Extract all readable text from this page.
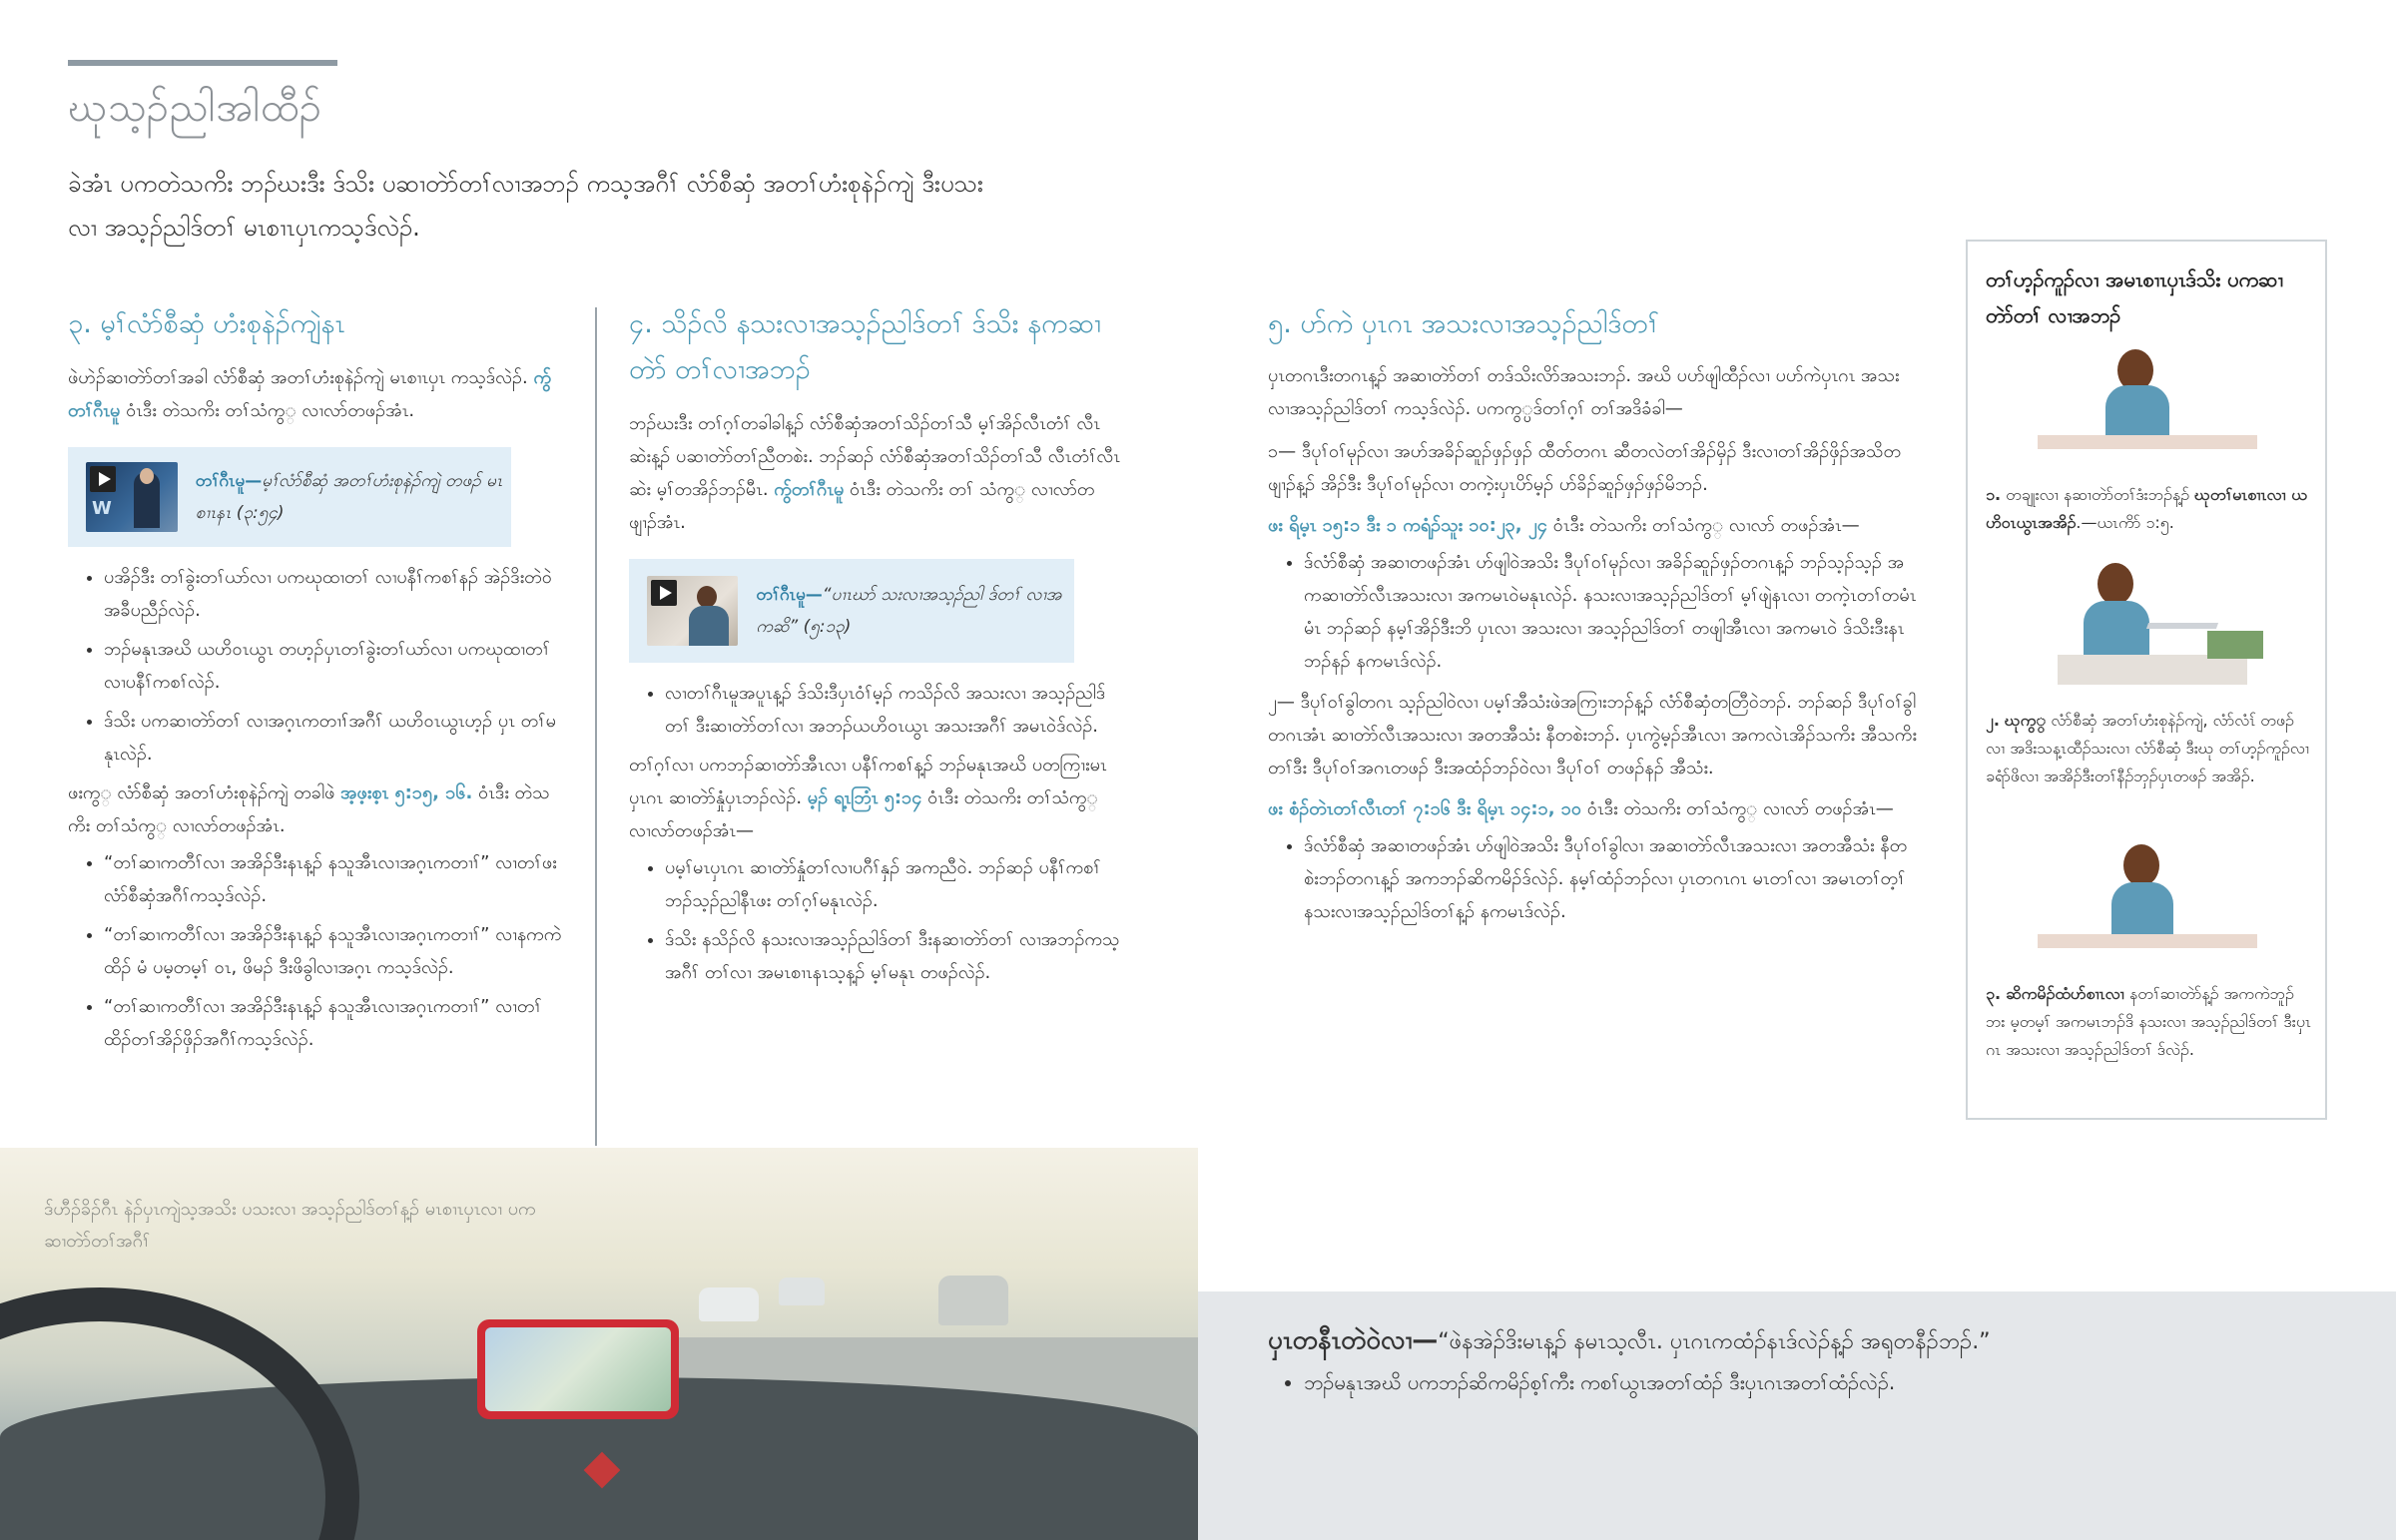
ဃုသ့ၣ်ညါအါထီၣ်
ခဲအံၤ ပကတဲသကိး ဘၣ်ဃးဒီး ဒ်သိး ပဆၢတဲာ်တၢ်လၢအဘၣ် ကသ့အဂီၢ် လံာ်စီဆှံ အတၢ်ဟံးစုနဲၣ်ကျဲ ဒီးပသးလၢ အသ့ၣ်ညါဒ်တၢ် မၤစၢၤပှၤကသ့ဒ်လဲၣ်.
၃. မ့ၢ်လံာ်စီဆှံ ဟံးစုနဲၣ်ကျဲနၤ
ဖဲဟဲၣ်ဆၢတဲာ်တၢ်အခါ လံာ်စီဆှံ အတၢ်ဟံးစုနဲၣ်ကျဲ မၤစၢၤပှၤ ကသ့ဒ်လဲၣ်. ကွ်တၢ်ဂီၤမူ ဝံၤဒီး တဲသကိး တၢ်သံကွ္ လၢလာ်တဖၣ်အံၤ.
W
တၢ်ဂီၤမူ—မ့ၢ်လံာ်စီဆှံ အတၢ်ဟံးစုနဲၣ်ကျဲ တဖၣ် မၤစၢၤနၤ (၃:၅၄)
• ပအိၣ်ဒီး တၢ်ခွဲးတၢ်ယာ်လၢ ပကဃုထၢတၢ် လၢပနီၢ်ကစၢ်နၣ် အဲၣ်ဒိးတဲဝဲ အခီပညီၣ်လဲၣ်.
• ဘၣ်မနုၤအဃိ ယဟိဝၤယွၤ တဟ့ၣ်ပှၤတၢ်ခွဲးတၢ်ယာ်လၢ ပကဃုထၢတၢ် လၢပနီၢ်ကစၢ်လဲၣ်.
• ဒ်သိး ပကဆၢတဲာ်တၢ် လၢအဂ့ၤကတၢၢ်အဂီၢ် ယဟိဝၤယွၤဟ့ၣ် ပှၤ တၢ်မနုၤလဲၣ်.
ဖးကွ္ လံာ်စီဆှံ အတၢ်ဟံးစုနဲၣ်ကျဲ တခါဖဲ အ့ဖ့းစ့ၤ ၅:၁၅, ၁၆. ဝံၤဒီး တဲသကိး တၢ်သံကွ္ လၢလာ်တဖၣ်အံၤ.
• “တၢ်ဆၢကတီၢ်လၢ အအိၣ်ဒီးနၤန့ၣ် နသူအီၤလၢအဂ့ၤကတၢၢ်” လၢတၢ်ဖးလံာ်စီဆှံအဂီၢ်ကသ့ဒ်လဲၣ်.
• “တၢ်ဆၢကတီၢ်လၢ အအိၣ်ဒီးနၤန့ၣ် နသူအီၤလၢအဂ့ၤကတၢၢ်” လၢနကကဲထိၣ် မံ ပမ့တမ့ၢ် ဝၤ, ဖိမၣ် ဒီးဖိခွါလၢအဂ့ၤ ကသ့ဒ်လဲၣ်.
• “တၢ်ဆၢကတီၢ်လၢ အအိၣ်ဒီးနၤန့ၣ် နသူအီၤလၢအဂ့ၤကတၢၢ်” လၢတၢ်ထိၣ်တၢ်အိၣ်ဖှိၣ်အဂီၢ်ကသ့ဒ်လဲၣ်.
၄. သိၣ်လိ နသးလၢအသ့ၣ်ညါဒ်တၢ် ဒ်သိး နကဆၢတဲာ် တၢ်လၢအဘၣ်
ဘၣ်ဃးဒီး တၢ်ဂ့ၢ်တခါခါန့ၣ် လံာ်စီဆှံအတၢ်သိၣ်တၢ်သီ မ့ၢ်အိၣ်လီၤတံၢ် လီၤဆဲးန့ၣ် ပဆၢတဲာ်တၢ်ညီတစဲး. ဘၣ်ဆၣ် လံာ်စီဆှံအတၢ်သိၣ်တၢ်သီ လီၤတံၢ်လီၤဆဲး မ့ၢ်တအိၣ်ဘၣ်မီၤ. ကွ်တၢ်ဂီၤမူ ဝံၤဒီး တဲသကိး တၢ် သံကွ္ လၢလာ်တဖျၢၣ်အံၤ.
တၢ်ဂီၤမူ—“ပၢၤဃာ် သးလၢအသ့ၣ်ညါ ဒ်တၢ် လၢအကဆိ” (၅:၁၃)
• လၢတၢ်ဂီၤမူအပူၤန့ၣ် ဒ်သိးဒီပှၤဝံၢ်မ့ၣ် ကသိၣ်လိ အသးလၢ အသ့ၣ်ညါဒ်တၢ် ဒီးဆၢတဲာ်တၢ်လၢ အဘၣ်ယဟိဝၤယွၤ အသးအဂီၢ် အမၤဝဲဒ်လဲၣ်.
တၢ်ဂ့ၢ်လၢ ပကဘၣ်ဆၢတဲာ်အီၤလၢ ပနီၢ်ကစၢ်န့ၣ် ဘၣ်မနုၤအဃိ ပတကြၢးမၤပှၤဂၤ ဆၢတဲာ်နှုံပှၤဘၣ်လဲၣ်. မ့ၣ် ရ့ၤဘြံၤ ၅:၁၄ ဝံၤဒီး တဲသကိး တၢ်သံကွ္ လၢလာ်တဖၣ်အံၤ—
• ပမ့ၢ်မၤပှၤဂၤ ဆၢတဲာ်နှုံတၢ်လၢပဂီၢ်နှၣ် အကညီဝဲ. ဘၣ်ဆၣ် ပနီၢ်ကစၢ် ဘၣ်သ့ၣ်ညါနီၤဖး တၢ်ဂ့ၢ်မနုၤလဲၣ်.
• ဒ်သိး နသိၣ်လိ နသးလၢအသ့ၣ်ညါဒ်တၢ် ဒီးနဆၢတဲာ်တၢ် လၢအဘၣ်ကသ့အဂီၢ် တၢ်လၢ အမၤစၢၤနၤသ့န့ၣ် မ့ၢ်မနုၤ တဖၣ်လဲၣ်.
၅. ပာ်ကဲ ပှၤဂၤ အသးလၢအသ့ၣ်ညါဒ်တၢ်
ပှၤတဂၤဒီးတဂၤန့ၣ် အဆၢတဲာ်တၢ် တဒ်သိးလိာ်အသးဘၣ်. အဃိ ပပာ်ဖျါထီၣ်လၢ ပပာ်ကဲပှၤဂၤ အသးလၢအသ့ၣ်ညါဒ်တၢ် ကသ့ဒ်လဲၣ်. ပကကွ္ပဒ်တၢ်ဂ့ၢ် တၢ်အဒိခံခါ—
၁— ဒီပုၢ်ဝၢ်မုၣ်လၢ အဟ်အခိၣ်ဆူၣ်ဖှၣ်ဖှၣ် ထီတ်တဂၤ ဆီတလဲတၢ်အိၣ်မှိၣ် ဒီးလၢတၢ်အိၣ်ဖှိၣ်အသိတဖျၢၣ်န့ၣ် အိၣ်ဒီး ဒီပုၢ်ဝၢ်မုၣ်လၢ တကဲ့းပှၤပိာ်မ့ၣ် ပာ်ခိၣ်ဆူၣ်ဖှၣ်ဖှၣ်မိဘၣ်.
ဖး ရိမ့ၤ ၁၅:၁ ဒီး ၁ ကရံၣ်သူး ၁၀:၂၃, ၂၄ ဝံၤဒီး တဲသကိး တၢ်သံကွ္ လၢလာ် တဖၣ်အံၤ—
• ဒ်လံာ်စီဆှံ အဆၢတဖၣ်အံၤ ဟ်ဖျါဝဲအသိး ဒီပုၢ်ဝၢ်မုၣ်လၢ အခိၣ်ဆူၣ်ဖှၣ်တဂၤန့ၣ် ဘၣ်သ့ၣ်သ့ၣ် အကဆၢတဲာ်လီၤအသးလၢ အကမၤဝဲမနုၤလဲၣ်. နသးလၢအသ့ၣ်ညါဒ်တၢ် မ့ၢ်ဖျဲနၤလၢ တကဲ့ၤတၢ်တမံၤမံၤ ဘၣ်ဆၣ် နမ့ၢ်အိၣ်ဒီးဘိ ပှၤလၢ အသးလၢ အသ့ၣ်ညါဒ်တၢ် တဖျါအီၤလၢ အကမၤဝဲ ဒ်သိးဒီးနၤ ဘၣ်နၣ် နကမၤဒ်လဲၣ်.
၂— ဒီပုၢ်ဝၢ်ခွါတဂၤ သ့ၣ်ညါဝဲလၢ ပမ့ၢ်အီသံးဖဲအကြၢးဘၣ်န့ၣ် လံာ်စီဆှံတတြီဝဲဘၣ်. ဘၣ်ဆၣ် ဒီပုၢ်ဝၢ်ခွါတဂၤအံၤ ဆၢတဲာ်လီၤအသးလၢ အတအီသံး နီတစဲးဘၣ်. ပှၤကွဲမ့ၣ်အီၤလၢ အကလဲၤအိၣ်သကိး အီသကိးတၢ်ဒီး ဒီပုၢ်ဝၢ်အဂၤတဖၣ် ဒီးအထံၣ်ဘၣ်ဝဲလၢ ဒီပုၢ်ဝၢ် တဖၣ်နၣ် အီသံး.
ဖး စံၣ်တဲၤတၢ်လီၤတၢ် ၇:၁၆ ဒီး ရိမ့ၤ ၁၄:၁, ၁၀ ဝံၤဒီး တဲသကိး တၢ်သံကွ္ လၢလာ် တဖၣ်အံၤ—
• ဒ်လံာ်စီဆှံ အဆၢတဖၣ်အံၤ ဟ်ဖျါဝဲအသိး ဒီပုၢ်ဝၢ်ခွါလၢ အဆၢတဲာ်လီၤအသးလၢ အတအီသံး နီတစဲးဘၣ်တဂၤန့ၣ် အကဘၣ်ဆိကမိၣ်ဒ်လဲၣ်. နမ့ၢ်ထံၣ်ဘၣ်လၢ ပှၤတဂၤဂၤ မၤတၢ်လၢ အမၤတၢ်တ့ၢ် နသးလၢအသ့ၣ်ညါဒ်တၢ်န့ၣ် နကမၤဒ်လဲၣ်.
တၢ်ဟ့ၣ်ကူၣ်လၢ အမၤစၢၤပှၤဒ်သိး ပကဆၢတဲာ်တၢ် လၢအဘၣ်
၁. တချုးလၢ နဆၢတဲာ်တၢ်ဒံးဘၣ်န့ၣ် ဃုတၢ်မၤစၢၤလၢ ယဟိဝၤယွၤအအိၣ်.—ယၤကိာ် ၁:၅.
၂. ဃုကွ္ လံာ်စီဆှံ အတၢ်ဟံးစုနဲၣ်ကျဲ, လံာ်လံၤ် တဖၣ်လၢ အဒိးသန့ၤထီၣ်သးလၢ လံာ်စီဆှံ ဒီးဃု တၢ်ဟ့ၣ်ကူၣ်လၢ ခရံာ်ဖိလၢ အအိၣ်ဒီးတၢ်နီၣ်ဘှၣ်ပှၤတဖၣ် အအိၣ်.
၃. ဆိကမိၣ်ထံဟ်စၢၤလၢ နတၢ်ဆၢတဲာ်န့ၣ် အကကဲဘူၣ်ဘး မ့တမ့ၢ် အကမၤဘၣ်ဒိ နသးလၢ အသ့ၣ်ညါဒ်တၢ် ဒီးပှၤဂၤ အသးလၢ အသ့ၣ်ညါဒ်တၢ် ဒ်လဲၣ်.
ဒ်ဟီၣ်ခိၣ်ဂီၤ နဲၣ်ပှၤကျဲသ့အသိး ပသးလၢ အသ့ၣ်ညါဒ်တၢ်န့ၣ် မၤစၢၤပှၤလၢ ပကဆၢတဲာ်တၢ်အဂီၢ်
ပှၤတနီၤတဲဝဲလၢ—“ဖဲနအဲၣ်ဒိးမၤန့ၣ် နမၤသ့လီၤ. ပှၤဂၤကထံၣ်နၤဒ်လဲၣ်န့ၣ် အရုတနီၣ်ဘၣ်.”
• ဘၣ်မနုၤအဃိ ပကဘၣ်ဆိကမိၣ်စ့ၢ်ကီး ကစၢ်ယွၤအတၢ်ထံၣ် ဒီးပှၤဂၤအတၢ်ထံၣ်လဲၣ်.
